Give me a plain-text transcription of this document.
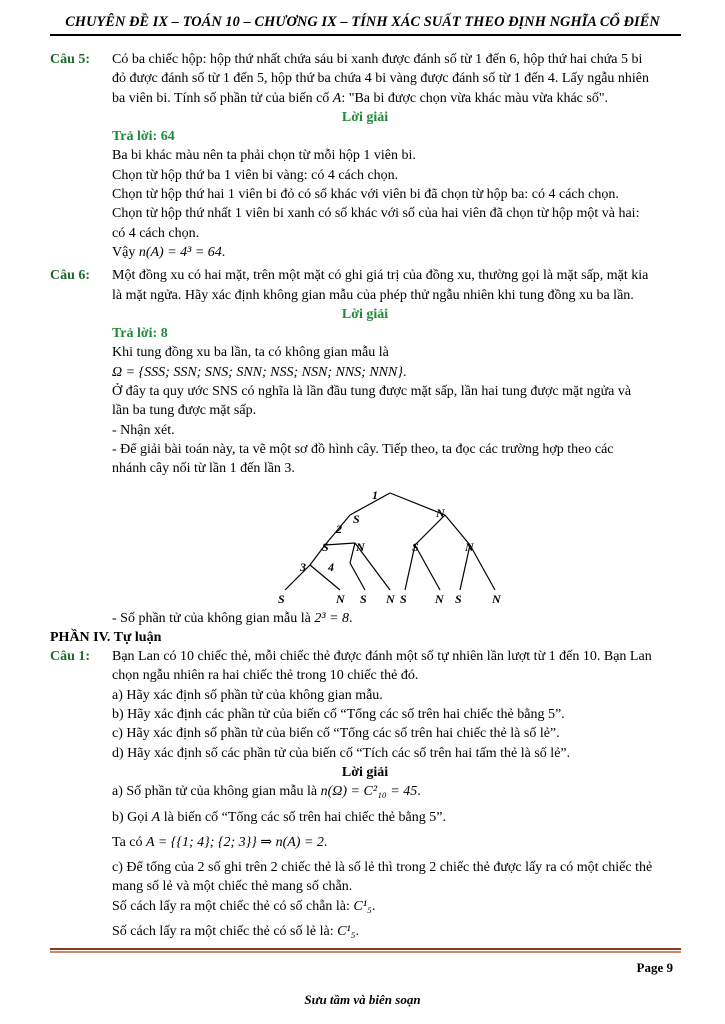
CHUYÊN ĐỀ IX – TOÁN 10 – CHƯƠNG IX – TÍNH XÁC SUẤT THEO ĐỊNH NGHĨA CỔ ĐIỂN
Câu 5:	Có ba chiếc hộp: hộp thứ nhất chứa sáu bi xanh được đánh số từ 1 đến 6, hộp thứ hai chứa 5 bi
đỏ được đánh số từ 1 đến 5, hộp thứ ba chứa 4 bi vàng được đánh số từ 1 đến 4. Lấy ngẫu nhiên
ba viên bi. Tính số phần tử của biến cố A: "Ba bi được chọn vừa khác màu vừa khác số".
Lời giải
Trả lời: 64
Ba bi khác màu nên ta phải chọn từ mỗi hộp 1 viên bi.
Chọn từ hộp thứ ba 1 viên bi vàng: có 4 cách chọn.
Chọn từ hộp thứ hai 1 viên bi đỏ có số khác với viên bi đã chọn từ hộp ba: có 4 cách chọn.
Chọn từ hộp thứ nhất 1 viên bi xanh có số khác với số của hai viên đã chọn từ hộp một và hai:
có 4 cách chọn.
Vậy n(A) = 4³ = 64.
Câu 6:	Một đồng xu có hai mặt, trên một mặt có ghi giá trị của đồng xu, thường gọi là mặt sấp, mặt kia
là mặt ngửa. Hãy xác định không gian mẫu của phép thử ngẫu nhiên khi tung đồng xu ba lần.
Lời giải
Trả lời: 8
Khi tung đồng xu ba lần, ta có không gian mẫu là
Ω = {SSS; SSN; SNS; SNN; NSS; NSN; NNS; NNN}.
Ở đây ta quy ước SNS có nghĩa là lần đầu tung được mặt sấp, lần hai tung được mặt ngửa và
lần ba tung được mặt sấp.
- Nhận xét.
- Để giải bài toán này, ta vẽ một sơ đồ hình cây. Tiếp theo, ta đọc các trường hợp theo các
nhánh cây nối từ lần 1 đến lần 3.
1
2
3 4
S	N
S N	S	N
S	N S N S N S	N
- Số phần tử của không gian mẫu là 2³ = 8.
PHẦN IV. Tự luận
Câu 1:	Bạn Lan có 10 chiếc thẻ, mỗi chiếc thẻ được đánh một số tự nhiên lần lượt từ 1 đến 10. Bạn Lan
chọn ngẫu nhiên ra hai chiếc thẻ trong 10 chiếc thẻ đó.
a) Hãy xác định số phần tử của không gian mẫu.
b) Hãy xác định các phần tử của biến cố “Tổng các số trên hai chiếc thẻ bằng 5”.
c) Hãy xác định số phần tử của biến cố “Tổng các số trên hai chiếc thẻ là số lẻ”.
d) Hãy xác định số các phần tử của biến cố “Tích các số trên hai tấm thẻ là số lẻ”.
Lời giải
a) Số phần tử của không gian mẫu là n(Ω) = C²₁₀ = 45.
b) Gọi A là biến cố “Tổng các số trên hai chiếc thẻ bằng 5”.
Ta có A = {{1; 4}; {2; 3}} ⇒ n(A) = 2.
c) Để tổng của 2 số ghi trên 2 chiếc thẻ là số lẻ thì trong 2 chiếc thẻ được lấy ra có một chiếc thẻ
mang số lẻ và một chiếc thẻ mang số chẵn.
Số cách lấy ra một chiếc thẻ có số chẵn là: C¹₅.
Số cách lấy ra một chiếc thẻ có số lẻ là: C¹₅.
Page 9
Sưu tầm và biên soạn
